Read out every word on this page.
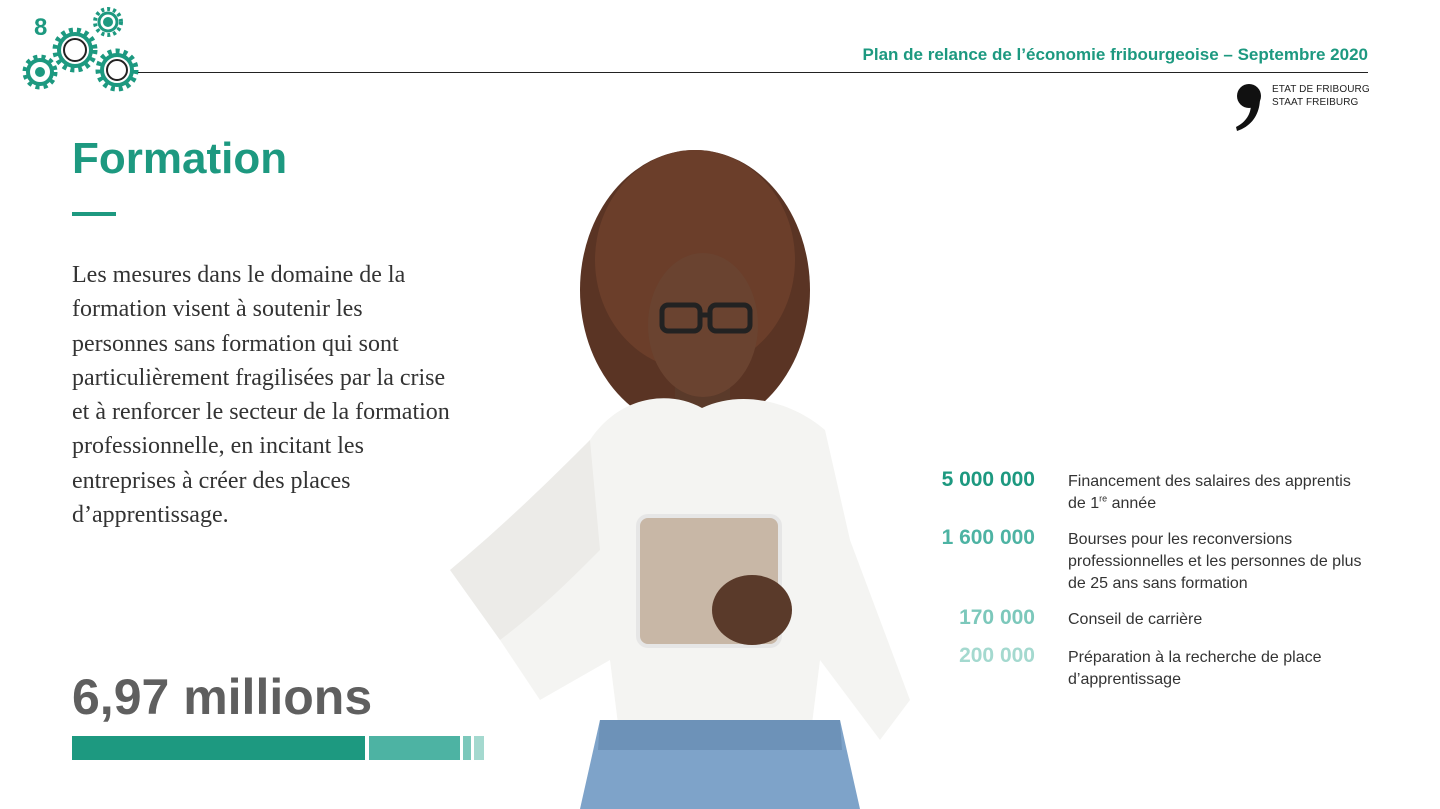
8
Plan de relance de l’économie fribourgeoise – Septembre 2020
ETAT DE FRIBOURG
STAAT FREIBURG
Formation

Les mesures dans le domaine de la formation visent à soutenir les personnes sans formation qui sont particulièrement fragilisées par la crise et à renforcer le secteur de la formation professionnelle, en incitant les entreprises à créer des places d’apprentissage.

6,97 millions
5 000 000 Financement des salaires des apprentis de 1re année
1 600 000 Bourses pour les reconversions professionnelles et les personnes de plus de 25 ans sans formation
170 000 Conseil de carrière
200 000 Préparation à la recherche de place d’apprentissage
